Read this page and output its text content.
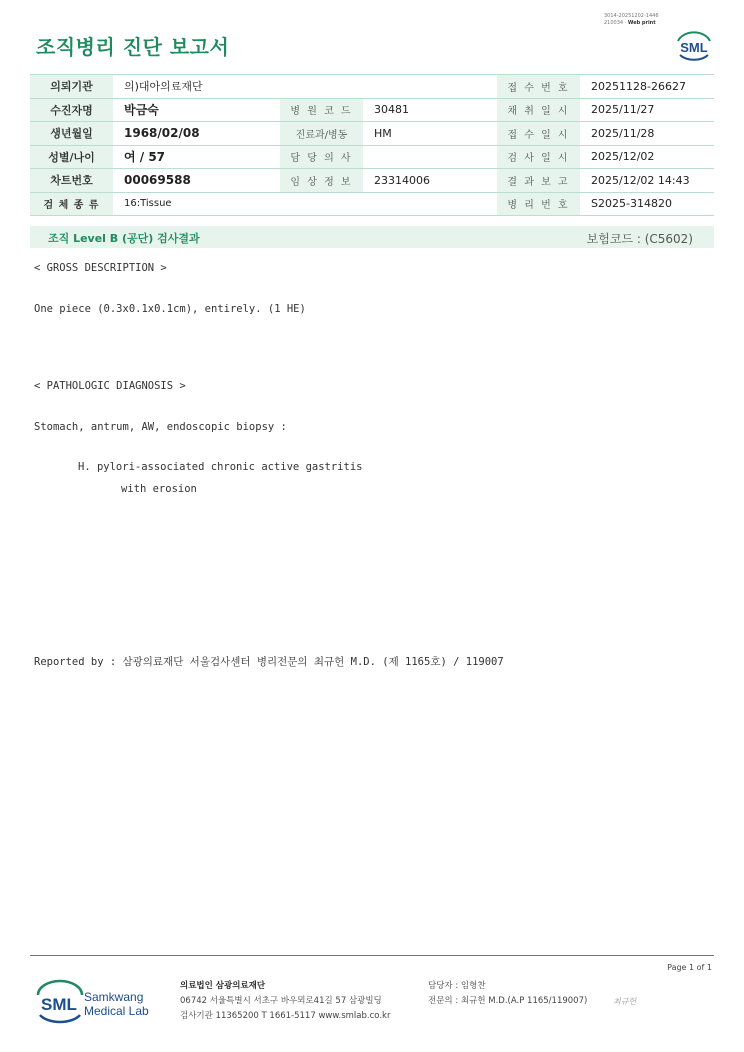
조직병리 진단 보고서
3014-20251202-1446
210034 · Web print
SML
의뢰기관	의)대아의료재단			접 수 번 호	20251128-26627
수진자명	박금숙	병 원 코 드	30481	채 취 일 시	2025/11/27
생년월일	1968/02/08	진료과/병동	HM	접 수 일 시	2025/11/28
성별/나이	여 / 57	담 당 의 사		검 사 일 시	2025/12/02
차트번호	00069588	임 상 정 보	23314006	결 과 보 고	2025/12/02 14:43
검 체 종 류	16:Tissue			병 리 번 호	S2025-314820
조직 Level B (공단) 검사결과	보험코드 : (C5602)
< GROSS DESCRIPTION >
One piece (0.3x0.1x0.1cm), entirely. (1 HE)
< PATHOLOGIC DIAGNOSIS >
Stomach, antrum, AW, endoscopic biopsy :
H. pylori-associated chronic active gastritis
with erosion
Reported by : 삼광의료재단 서울검사센터 병리전문의 최규헌 M.D. (제 1165호) / 119007
Page 1 of 1
SML Samkwang
Medical Lab
의료법인 삼광의료재단
06742 서울특별시 서초구 바우뫼로41길 57 삼광빌딩
검사기관 11365200 T 1661-5117 www.smlab.co.kr
담당자 : 임형찬
전문의 : 최규헌 M.D.(A.P 1165/119007)	최규헌
